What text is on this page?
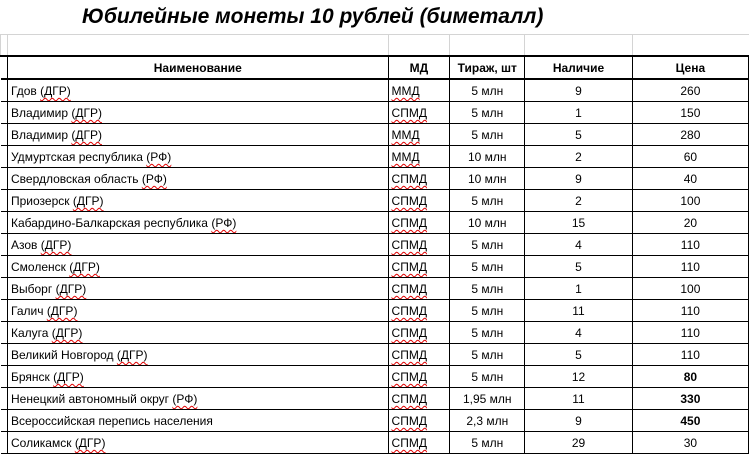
Юбилейные монеты 10 рублей (биметалл)

	Наименование	МД	Тираж, шт	Наличие	Цена
	Гдов (ДГР)	ММД	5 млн	9	260
	Владимир (ДГР)	СПМД	5 млн	1	150
	Владимир (ДГР)	ММД	5 млн	5	280
	Удмуртская республика (РФ)	ММД	10 млн	2	60
	Свердловская область (РФ)	СПМД	10 млн	9	40
	Приозерск (ДГР)	СПМД	5 млн	2	100
	Кабардино-Балкарская республика (РФ)	СПМД	10 млн	15	20
	Азов (ДГР)	СПМД	5 млн	4	110
	Смоленск (ДГР)	СПМД	5 млн	5	110
	Выборг (ДГР)	СПМД	5 млн	1	100
	Галич (ДГР)	СПМД	5 млн	11	110
	Калуга (ДГР)	СПМД	5 млн	4	110
	Великий Новгород (ДГР)	СПМД	5 млн	5	110
	Брянск (ДГР)	СПМД	5 млн	12	80
	Ненецкий автономный округ (РФ)	СПМД	1,95 млн	11	330
	Всероссийская перепись населения	СПМД	2,3 млн	9	450
	Соликамск (ДГР)	СПМД	5 млн	29	30
